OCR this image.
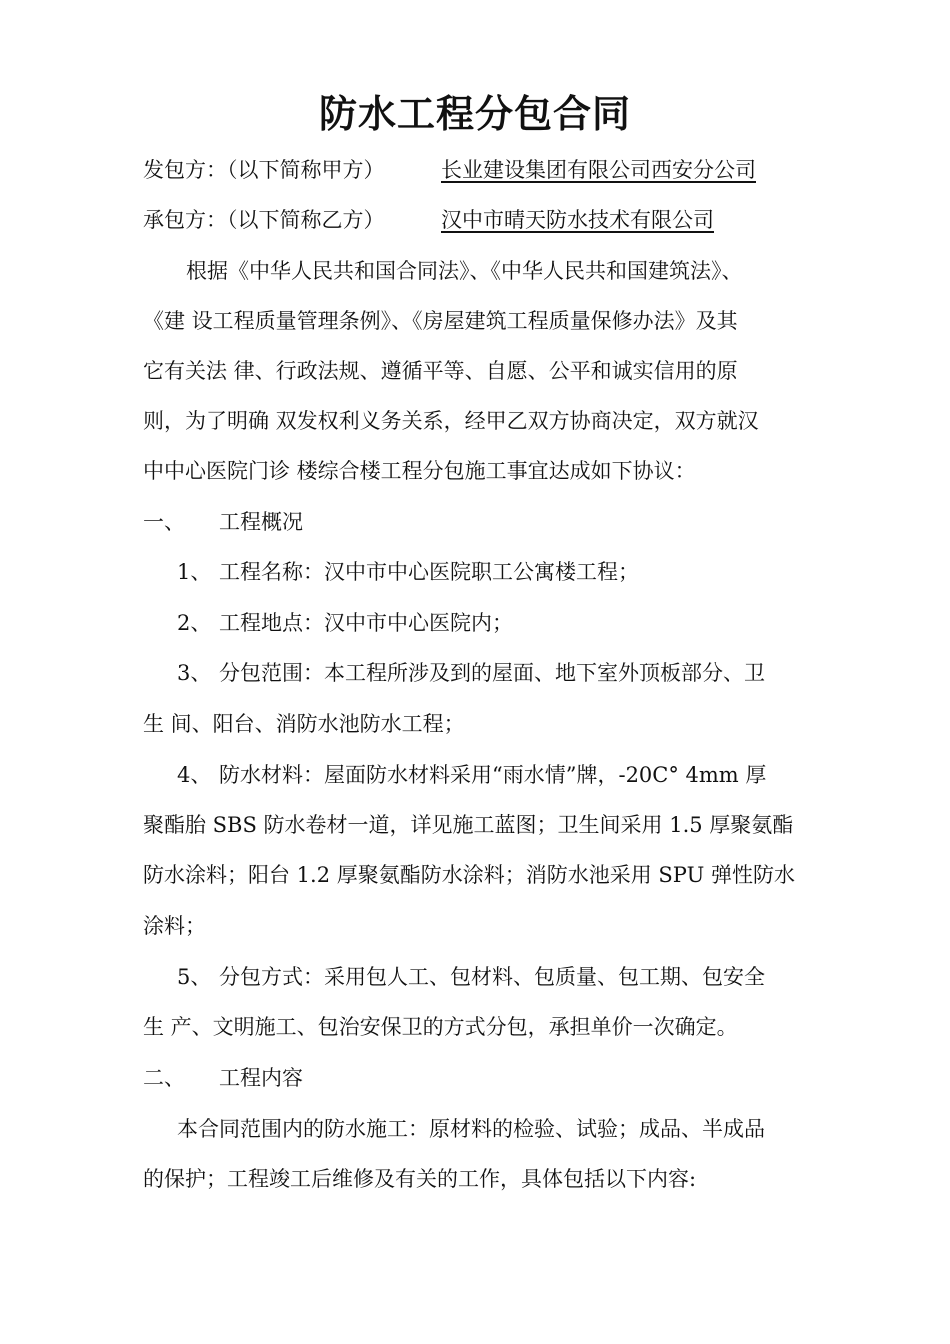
防水工程分包合同
发包方：（以下简称甲方）	长业建设集团有限公司西安分公司
承包方：（以下简称乙方）	汉中市晴天防水技术有限公司
根据《中华人民共和国合同法》、《中华人民共和国建筑法》、
《建 设工程质量管理条例》、《房屋建筑工程质量保修办法》及其
它有关法 律、行政法规、遵循平等、自愿、公平和诚实信用的原
则，为了明确 双发权利义务关系，经甲乙双方协商决定，双方就汉
中中心医院门诊 楼综合楼工程分包施工事宜达成如下协议：
一、 工程概况
1、 工程名称：汉中市中心医院职工公寓楼工程；
2、 工程地点：汉中市中心医院内；
3、 分包范围：本工程所涉及到的屋面、地下室外顶板部分、卫
生 间、阳台、消防水池防水工程；
4、 防水材料：屋面防水材料采用“雨水情”牌，-20C° 4mm 厚
聚酯胎 SBS 防水卷材一道，详见施工蓝图；卫生间采用 1.5 厚聚氨酯
防水涂料；阳台 1.2 厚聚氨酯防水涂料；消防水池采用 SPU 弹性防水
涂料；
5、 分包方式：采用包人工、包材料、包质量、包工期、包安全
生 产、文明施工、包治安保卫的方式分包，承担单价一次确定。
二、 工程内容
本合同范围内的防水施工：原材料的检验、试验；成品、半成品
的保护；工程竣工后维修及有关的工作，具体包括以下内容:
